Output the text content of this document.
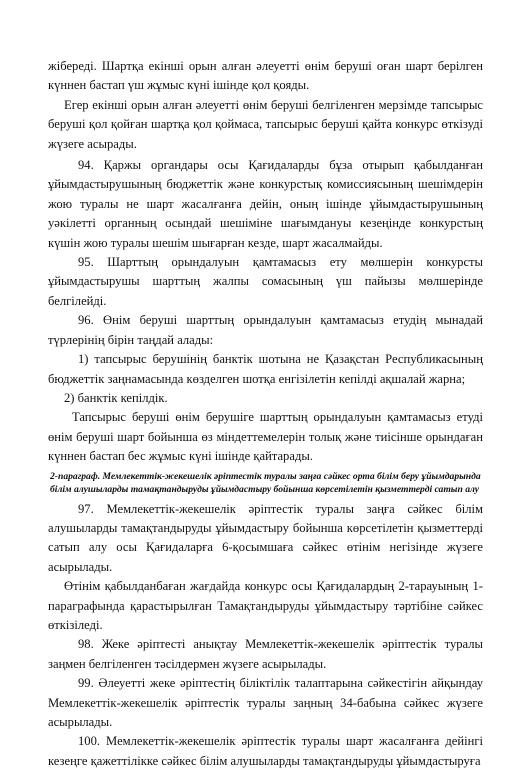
жібереді. Шартқа екінші орын алған әлеуетті өнім беруші оған шарт берілген күннен бастап үш жұмыс күні ішінде қол қояды.

Егер екінші орын алған әлеуетті өнім беруші белгіленген мерзімде тапсырыс беруші қол қойған шартқа қол қоймаса, тапсырыс беруші қайта конкурс өткізуді жүзеге асырады.

94. Қаржы органдары осы Қағидаларды бұза отырып қабылданған ұйымдастырушының бюджеттік және конкурстық комиссиясының шешімдерін жою туралы не шарт жасалғанға дейін, оның ішінде ұйымдастырушының уәкілетті органның осындай шешіміне шағымдануы кезеңінде конкурстың күшін жою туралы шешім шығарған кезде, шарт жасалмайды.

95. Шарттың орындалуын қамтамасыз ету мөлшерін конкурсты ұйымдастырушы шарттың жалпы сомасының үш пайызы мөлшерінде белгілейді.

96. Өнім беруші шарттың орындалуын қамтамасыз етудің мынадай түрлерінің бірін таңдай алады:

1) тапсырыс берушінің банктік шотына не Қазақстан Республикасының бюджеттік заңнамасында көзделген шотқа енгізілетін кепілді ақшалай жарна;

2) банктік кепілдік.

Тапсырыс беруші өнім берушіге шарттың орындалуын қамтамасыз етуді өнім беруші шарт бойынша өз міндеттемелерін толық және тиісінше орындаған күннен бастап бес жұмыс күні ішінде қайтарады.

2-параграф. Мемлекеттік-жекешелік әріптестік туралы заңға сәйкес орта білім беру ұйымдарында білім алушыларды тамақтандыруды ұйымдастыру бойынша көрсетілетін қызметтерді сатып алу

97. Мемлекеттік-жекешелік әріптестік туралы заңға сәйкес білім алушыларды тамақтандыруды ұйымдастыру бойынша көрсетілетін қызметтерді сатып алу осы Қағидаларға 6-қосымшаға сәйкес өтінім негізінде жүзеге асырылады.

Өтінім қабылданбаған жағдайда конкурс осы Қағидалардың 2-тарауының 1-параграфында қарастырылған Тамақтандыруды ұйымдастыру тәртібіне сәйкес өткізіледі.

98. Жеке әріптесті анықтау Мемлекеттік-жекешелік әріптестік туралы заңмен белгіленген тәсілдермен жүзеге асырылады.

99. Әлеуетті жеке әріптестің біліктілік талаптарына сәйкестігін айқындау Мемлекеттік-жекешелік әріптестік туралы заңның 34-бабына сәйкес жүзеге асырылады.

100. Мемлекеттік-жекешелік әріптестік туралы шарт жасалғанға дейінгі кезеңге қажеттілікке сәйкес білім алушыларды тамақтандыруды ұйымдастыруға
